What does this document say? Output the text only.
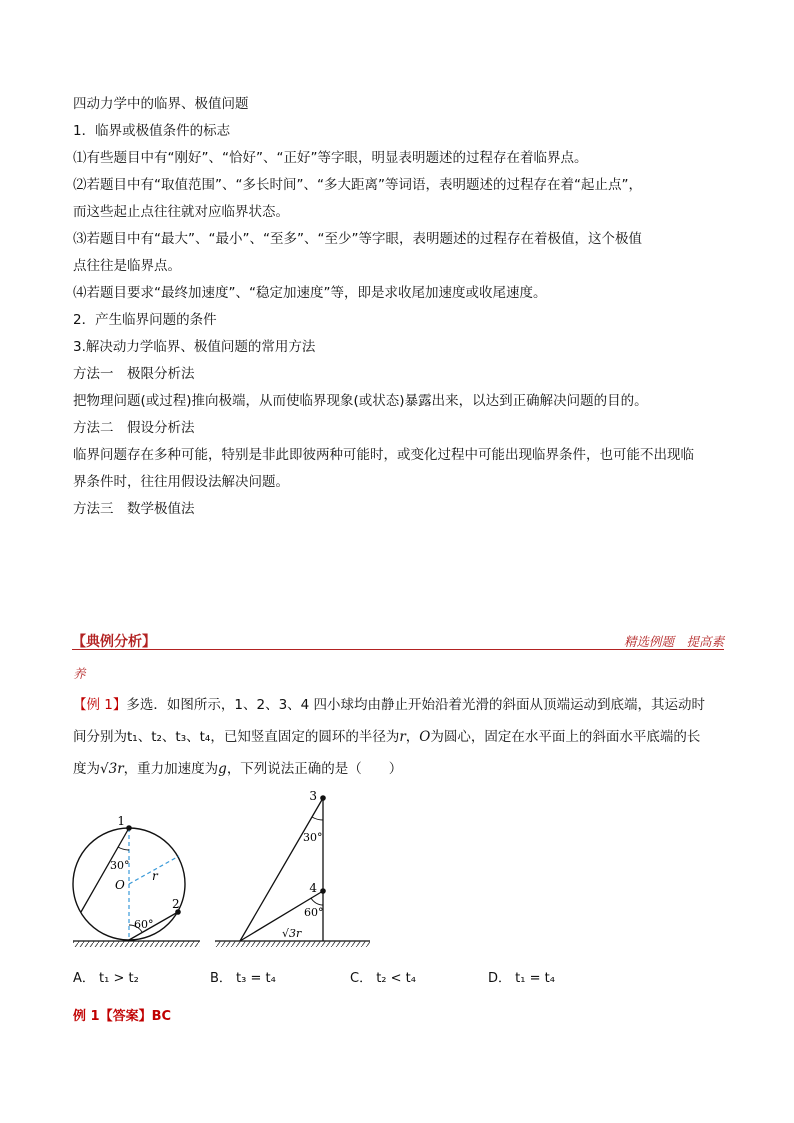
四动力学中的临界、极值问题
1．临界或极值条件的标志
⑴有些题目中有“刚好”、“恰好”、“正好”等字眼，明显表明题述的过程存在着临界点。
⑵若题目中有“取值范围”、“多长时间”、“多大距离”等词语，表明题述的过程存在着“起止点”，
而这些起止点往往就对应临界状态。
⑶若题目中有“最大”、“最小”、“至多”、“至少”等字眼，表明题述的过程存在着极值，这个极值
点往往是临界点。
⑷若题目要求“最终加速度”、“稳定加速度”等，即是求收尾加速度或收尾速度。
2．产生临界问题的条件
3.解决动力学临界、极值问题的常用方法
方法一　极限分析法
把物理问题(或过程)推向极端，从而使临界现象(或状态)暴露出来，以达到正确解决问题的目的。
方法二　假设分析法
临界问题存在多种可能，特别是非此即彼两种可能时，或变化过程中可能出现临界条件，也可能不出现临
界条件时，往往用假设法解决问题。
方法三　数学极值法
【典例分析】	精选例题　提高素
养
【例 1】多选．如图所示，1、2、3、4 四小球均由静止开始沿着光滑的斜面从顶端运动到底端，其运动时
间分别为t₁、t₂、t₃、t₄，已知竖直固定的圆环的半径为r，O为圆心，固定在水平面上的斜面水平底端的长
度为√3r，重力加速度为g，下列说法正确的是（　　）
1
2
30°
O
r
60°
3
4
30°
60°
√3r
A． t₁ > t₂	B． t₃ = t₄	C． t₂ < t₄	D． t₁ = t₄
例 1【答案】BC
